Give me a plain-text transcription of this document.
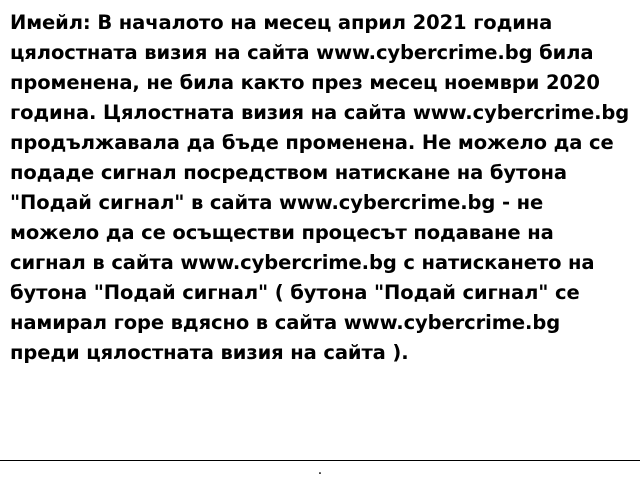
Имейл: В началото на месец април 2021 година цялостната визия на сайта www.cybercrime.bg била променена, не била както през месец ноември 2020 година. Цялостната визия на сайта www.cybercrime.bg продължавала да бъде променена. Не можело да се подаде сигнал посредством натискане на бутона "Подай сигнал" в сайта www.cybercrime.bg - не можело да се осъществи процесът подаване на сигнал в сайта www.cybercrime.bg с натискането на бутона "Подай сигнал" ( бутона "Подай сигнал" се намирал горе вдясно в сайта www.cybercrime.bg преди цялостната визия на сайта ).
.
